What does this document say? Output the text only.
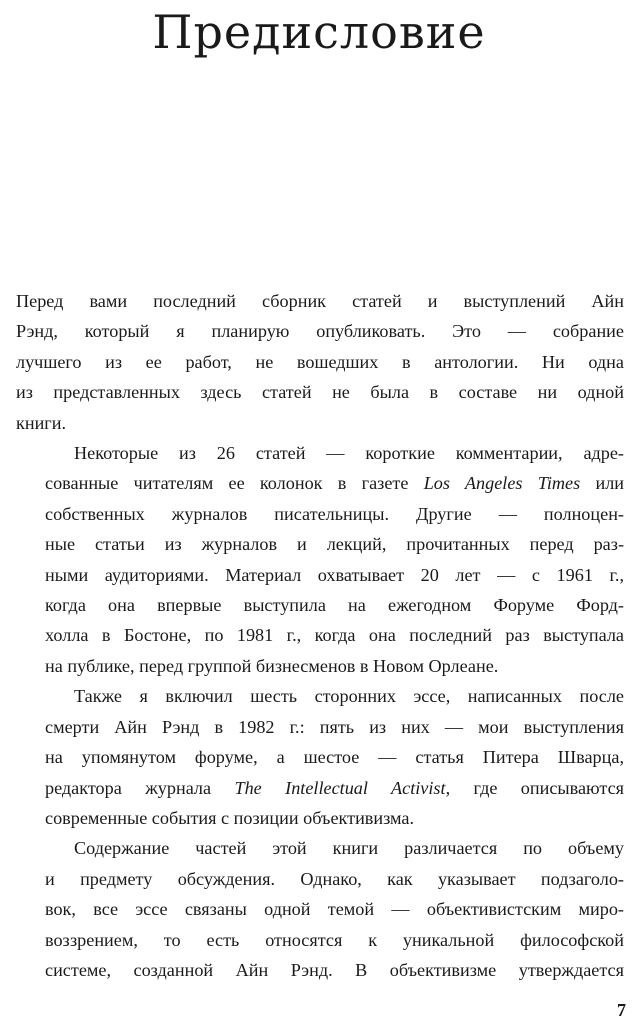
Предисловие

Перед вами последний сборник статей и выступлений Айн
Рэнд, который я планирую опубликовать. Это — собрание
лучшего из ее работ, не вошедших в антологии. Ни одна
из представленных здесь статей не была в составе ни одной
книги.

Некоторые из 26 статей — короткие комментарии, адре-
сованные читателям ее колонок в газете Los Angeles Times или
собственных журналов писательницы. Другие — полноцен-
ные статьи из журналов и лекций, прочитанных перед раз-
ными аудиториями. Материал охватывает 20 лет — с 1961 г.,
когда она впервые выступила на ежегодном Форуме Форд-
холла в Бостоне, по 1981 г., когда она последний раз выступала
на публике, перед группой бизнесменов в Новом Орлеане.

Также я включил шесть сторонних эссе, написанных после
смерти Айн Рэнд в 1982 г.: пять из них — мои выступления
на упомянутом форуме, а шестое — статья Питера Шварца,
редактора журнала The Intellectual Activist, где описываются
современные события с позиции объективизма.

Содержание частей этой книги различается по объему
и предмету обсуждения. Однако, как указывает подзаголо-
вок, все эссе связаны одной темой — объективистским миро-
воззрением, то есть относятся к уникальной философской
системе, созданной Айн Рэнд. В объективизме утверждается

7
